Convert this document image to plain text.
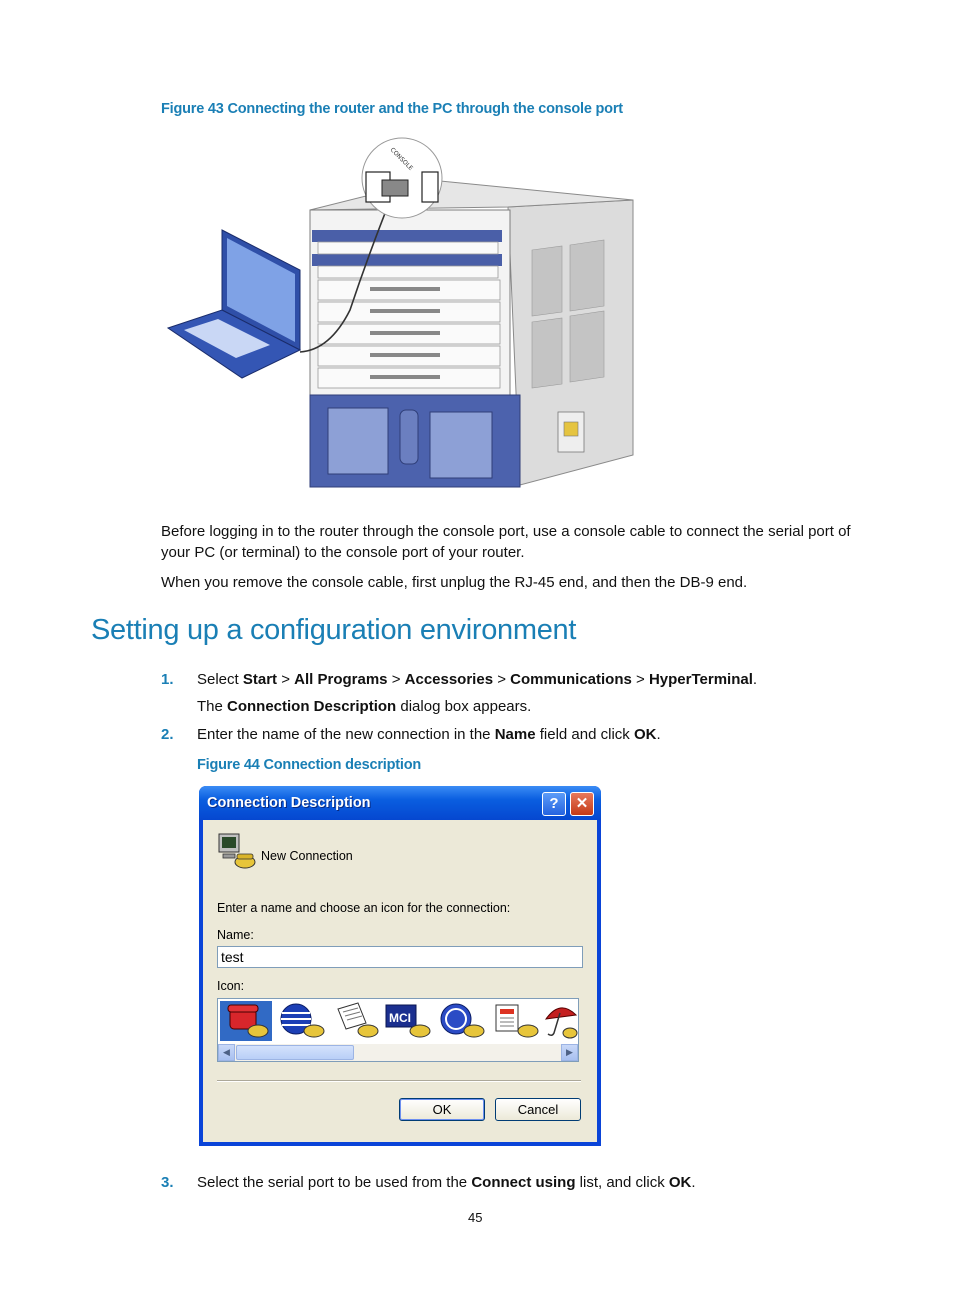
Figure 43 Connecting the router and the PC through the console port
CONSOLE
Before logging in to the router through the console port, use a console cable to connect the serial port of
your PC (or terminal) to the console port of your router.
When you remove the console cable, first unplug the RJ-45 end, and then the DB-9 end.
Setting up a configuration environment
1. Select Start > All Programs > Accessories > Communications > HyperTerminal.
The Connection Description dialog box appears.
2. Enter the name of the new connection in the Name field and click OK.
Figure 44 Connection description
Connection Description	?	✕
New Connection
Enter a name and choose an icon for the connection:
Name:
test
Icon:
MCI
◀	▶
OK	Cancel
3. Select the serial port to be used from the Connect using list, and click OK.
45
